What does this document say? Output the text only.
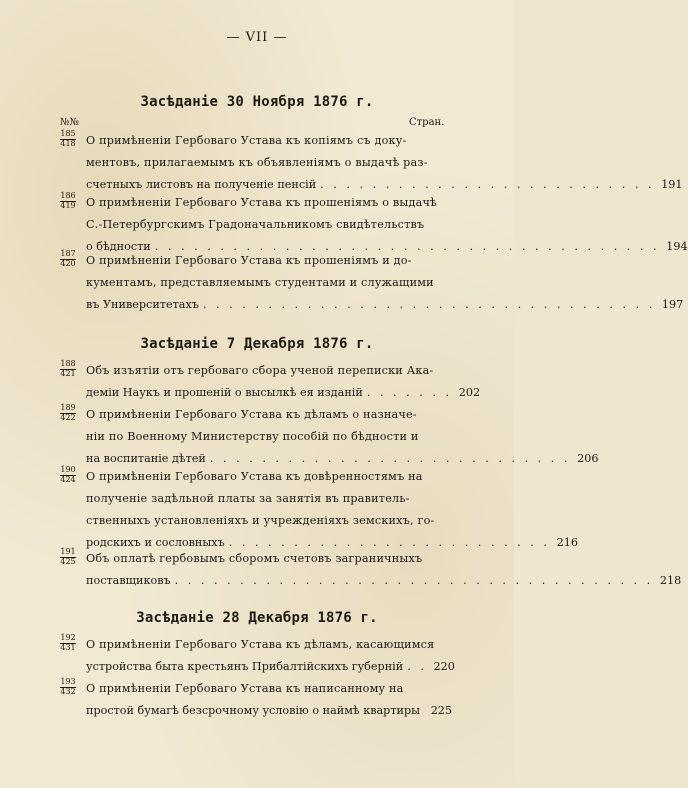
— VII —
Засѣданіе 30 Ноября 1876 г.
№№	Стран.
185
418 О примѣненіи Гербоваго Устава къ копіямъ съ доку-
ментовъ, прилагаемымъ къ объявленіямъ о выдачѣ раз-
счетныхъ листовъ на полученіе пенсій . . . . . . . . . . . . . . . . . . . . . . . . . . 191
186
419 О примѣненіи Гербоваго Устава къ прошеніямъ о выдачѣ
С.-Петербургскимъ Градоначальникомъ свидѣтельствъ
о бѣдности . . . . . . . . . . . . . . . . . . . . . . . . . . . . . . . . . . . . . . . 194
187
420 О примѣненіи Гербоваго Устава къ прошеніямъ и до-
кументамъ, представляемымъ студентами и служащими
въ Университетахъ . . . . . . . . . . . . . . . . . . . . . . . . . . . . . . . . . . . 197
Засѣданіе 7 Декабря 1876 г.
188
421 Объ изъятіи отъ гербоваго сбора ученой переписки Ака-
деміи Наукъ и прошеній о высылкѣ ея изданій . . . . . . . 202
189
422 О примѣненіи Гербоваго Устава къ дѣламъ о назначе-
ніи по Военному Министерству пособій по бѣдности и
на воспитаніе дѣтей . . . . . . . . . . . . . . . . . . . . . . . . . . . . 206
190
424 О примѣненіи Гербоваго Устава къ довѣренностямъ на
полученіе задѣльной платы за занятія въ правитель-
ственныхъ установленіяхъ и учрежденіяхъ земскихъ, го-
родскихъ и сословныхъ . . . . . . . . . . . . . . . . . . . . . . . . . 216
191
425 Объ оплатѣ гербовымъ сборомъ счетовъ заграничныхъ
поставщиковъ . . . . . . . . . . . . . . . . . . . . . . . . . . . . . . . . . . . . . 218
Засѣданіе 28 Декабря 1876 г.
192
431 О примѣненіи Гербоваго Устава къ дѣламъ, касающимся
устройства быта крестьянъ Прибалтійскихъ губерній . . 220
193
432 О примѣненіи Гербоваго Устава къ написанному на
простой бумагѣ безсрочному условію о наймѣ квартиры 225
